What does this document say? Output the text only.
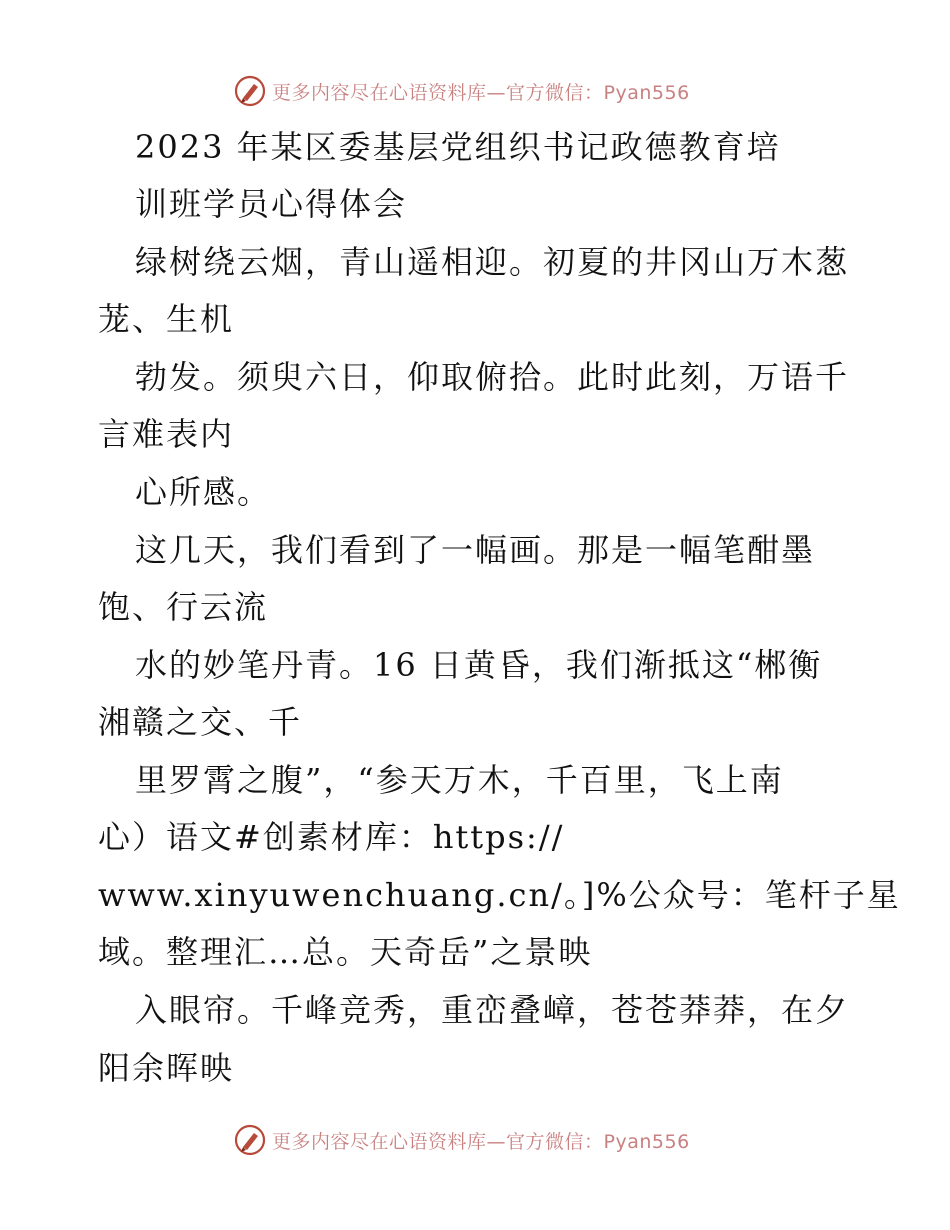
更多内容尽在心语资料库—官方微信：Pyan556
2023 年某区委基层党组织书记政德教育培
训班学员心得体会
绿树绕云烟，青山遥相迎。初夏的井冈山万木葱
茏、生机
勃发。须臾六日，仰取俯拾。此时此刻，万语千
言难表内
心所感。
这几天，我们看到了一幅画。那是一幅笔酣墨
饱、行云流
水的妙笔丹青。16 日黄昏，我们渐抵这“郴衡
湘赣之交、千
里罗霄之腹”，“参天万木，千百里，飞上南
心）语文#创素材库：https://
www.xinyuwenchuang.cn/。]%公众号：笔杆子星
域。整理汇…总。天奇岳”之景映
入眼帘。千峰竞秀，重峦叠嶂，苍苍莽莽，在夕
阳余晖映
更多内容尽在心语资料库—官方微信：Pyan556
